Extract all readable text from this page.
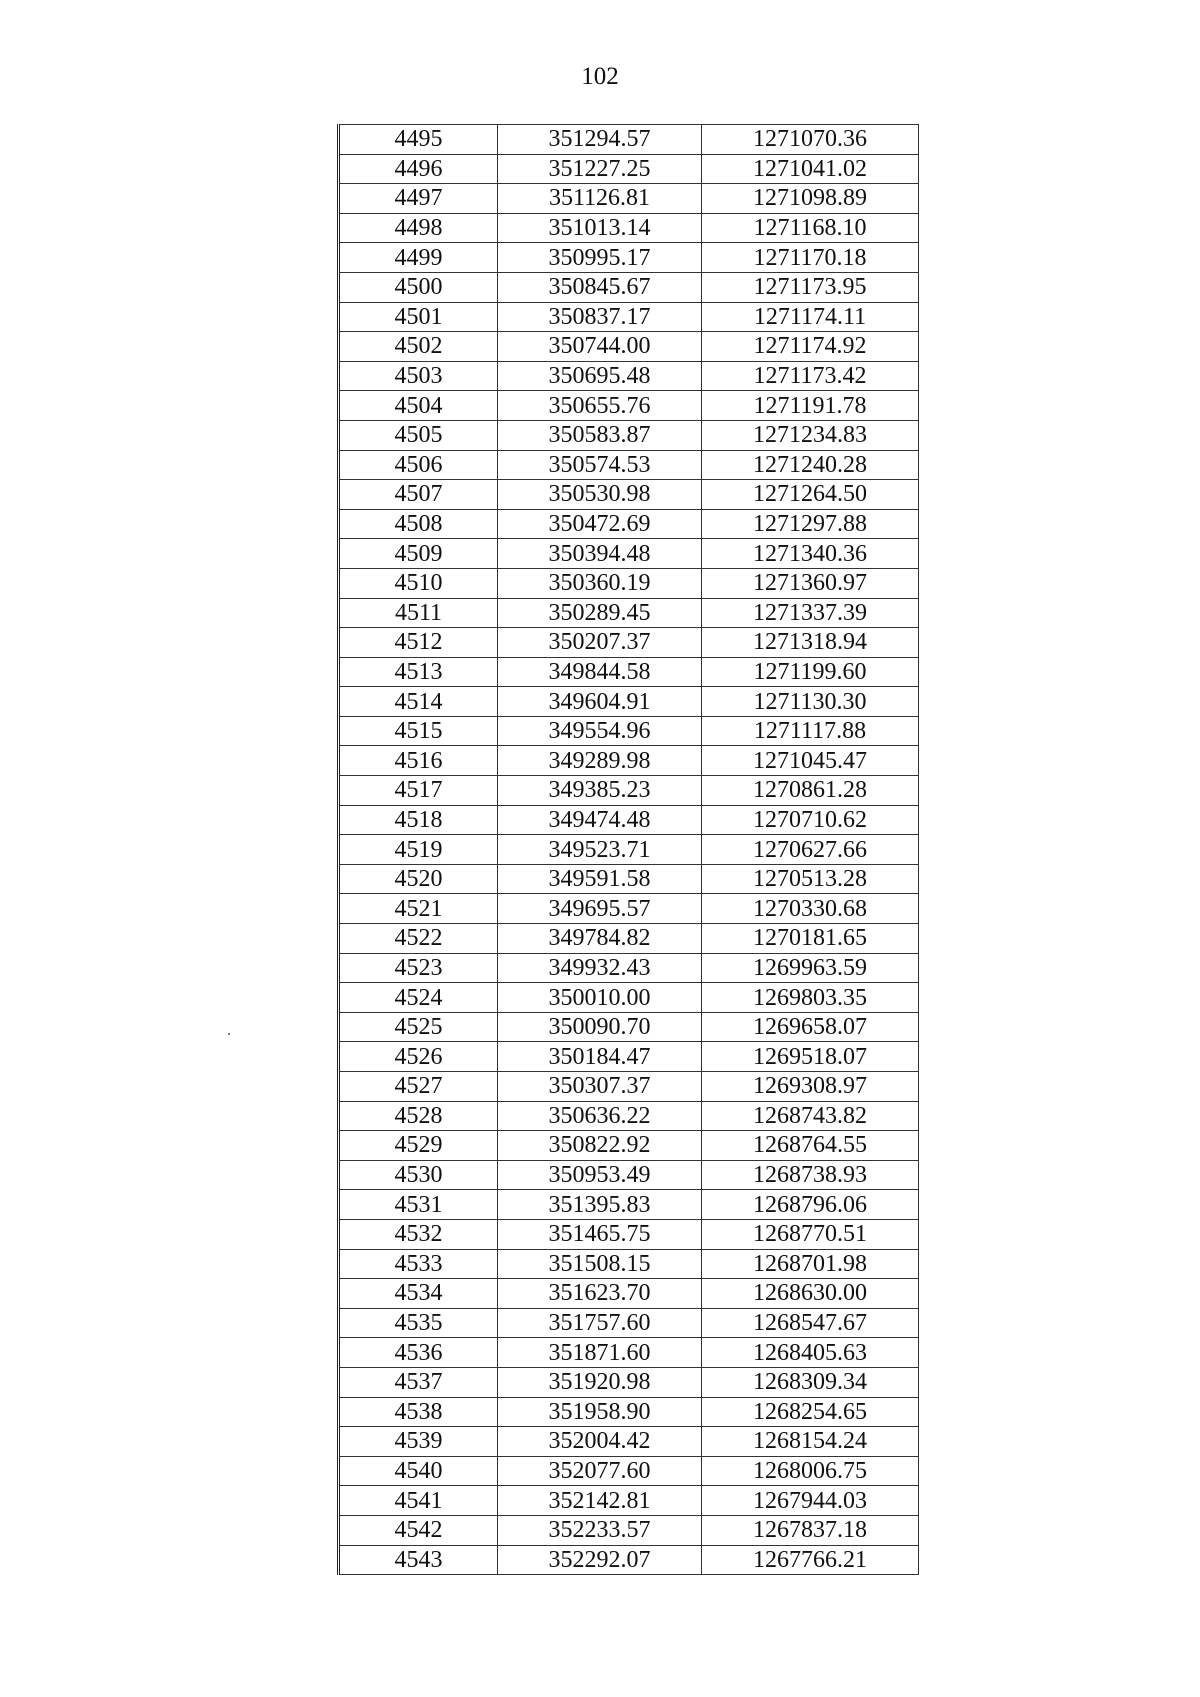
102
4495	351294.57	1271070.36
4496	351227.25	1271041.02
4497	351126.81	1271098.89
4498	351013.14	1271168.10
4499	350995.17	1271170.18
4500	350845.67	1271173.95
4501	350837.17	1271174.11
4502	350744.00	1271174.92
4503	350695.48	1271173.42
4504	350655.76	1271191.78
4505	350583.87	1271234.83
4506	350574.53	1271240.28
4507	350530.98	1271264.50
4508	350472.69	1271297.88
4509	350394.48	1271340.36
4510	350360.19	1271360.97
4511	350289.45	1271337.39
4512	350207.37	1271318.94
4513	349844.58	1271199.60
4514	349604.91	1271130.30
4515	349554.96	1271117.88
4516	349289.98	1271045.47
4517	349385.23	1270861.28
4518	349474.48	1270710.62
4519	349523.71	1270627.66
4520	349591.58	1270513.28
4521	349695.57	1270330.68
4522	349784.82	1270181.65
4523	349932.43	1269963.59
4524	350010.00	1269803.35
4525	350090.70	1269658.07
4526	350184.47	1269518.07
4527	350307.37	1269308.97
4528	350636.22	1268743.82
4529	350822.92	1268764.55
4530	350953.49	1268738.93
4531	351395.83	1268796.06
4532	351465.75	1268770.51
4533	351508.15	1268701.98
4534	351623.70	1268630.00
4535	351757.60	1268547.67
4536	351871.60	1268405.63
4537	351920.98	1268309.34
4538	351958.90	1268254.65
4539	352004.42	1268154.24
4540	352077.60	1268006.75
4541	352142.81	1267944.03
4542	352233.57	1267837.18
4543	352292.07	1267766.21
